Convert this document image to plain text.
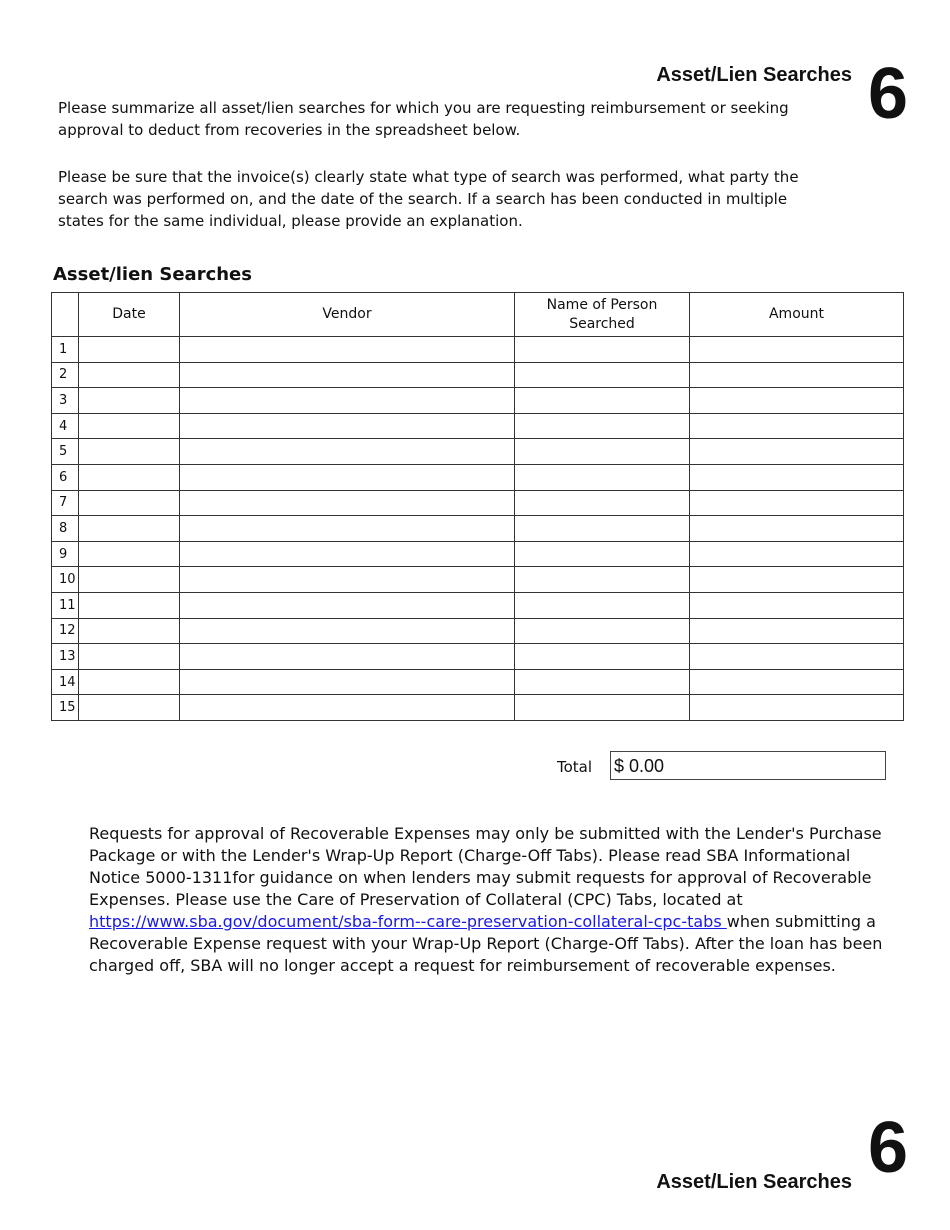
Asset/Lien Searches 6

Please summarize all asset/lien searches for which you are requesting reimbursement or seeking approval to deduct from recoveries in the spreadsheet below.

Please be sure that the invoice(s) clearly state what type of search was performed, what party the search was performed on, and the date of the search. If a search has been conducted in multiple states for the same individual, please provide an explanation.

Asset/lien Searches
	Date	Vendor	Name of Person Searched	Amount
1				
2				
3				
4				
5				
6				
7				
8				
9				
10				
11				
12				
13				
14				
15				
Total $ 0.00

Requests for approval of Recoverable Expenses may only be submitted with the Lender's Purchase Package or with the Lender's Wrap-Up Report (Charge-Off Tabs). Please read SBA Informational Notice 5000-1311for guidance on when lenders may submit requests for approval of Recoverable Expenses. Please use the Care of Preservation of Collateral (CPC) Tabs, located at https://www.sba.gov/document/sba-form--care-preservation-collateral-cpc-tabs when submitting a Recoverable Expense request with your Wrap-Up Report (Charge-Off Tabs). After the loan has been charged off, SBA will no longer accept a request for reimbursement of recoverable expenses.

Asset/Lien Searches 6
